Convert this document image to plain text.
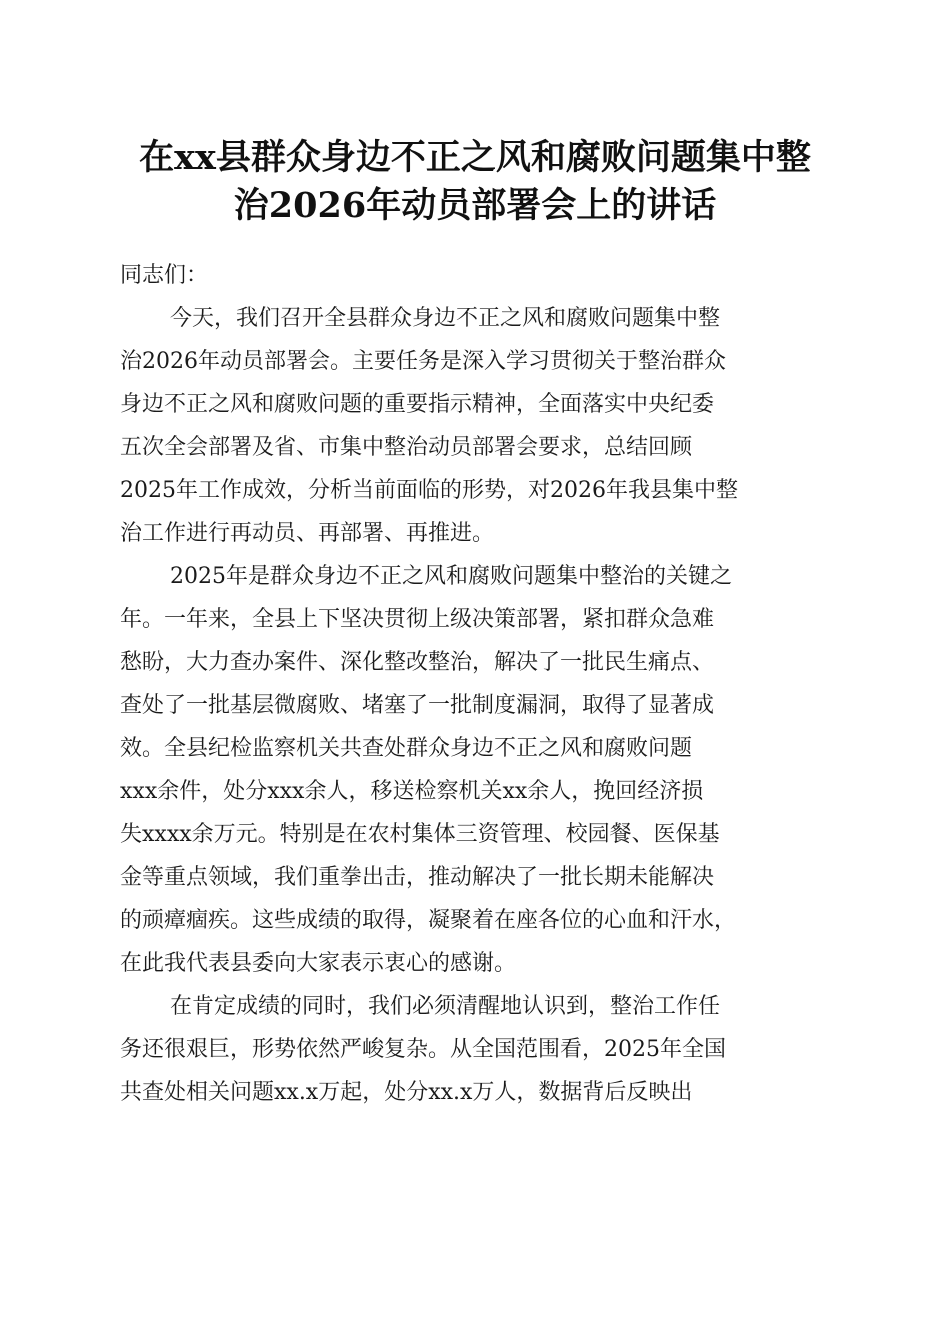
在xx县群众身边不正之风和腐败问题集中整
治2026年动员部署会上的讲话
同志们：
今天，我们召开全县群众身边不正之风和腐败问题集中整
治2026年动员部署会。主要任务是深入学习贯彻关于整治群众
身边不正之风和腐败问题的重要指示精神，全面落实中央纪委
五次全会部署及省、市集中整治动员部署会要求，总结回顾
2025年工作成效，分析当前面临的形势，对2026年我县集中整
治工作进行再动员、再部署、再推进。
2025年是群众身边不正之风和腐败问题集中整治的关键之
年。一年来，全县上下坚决贯彻上级决策部署，紧扣群众急难
愁盼，大力查办案件、深化整改整治，解决了一批民生痛点、
查处了一批基层微腐败、堵塞了一批制度漏洞，取得了显著成
效。全县纪检监察机关共查处群众身边不正之风和腐败问题
xxx余件，处分xxx余人，移送检察机关xx余人，挽回经济损
失xxxx余万元。特别是在农村集体三资管理、校园餐、医保基
金等重点领域，我们重拳出击，推动解决了一批长期未能解决
的顽瘴痼疾。这些成绩的取得，凝聚着在座各位的心血和汗水，
在此我代表县委向大家表示衷心的感谢。
在肯定成绩的同时，我们必须清醒地认识到，整治工作任
务还很艰巨，形势依然严峻复杂。从全国范围看，2025年全国
共查处相关问题xx.x万起，处分xx.x万人，数据背后反映出
